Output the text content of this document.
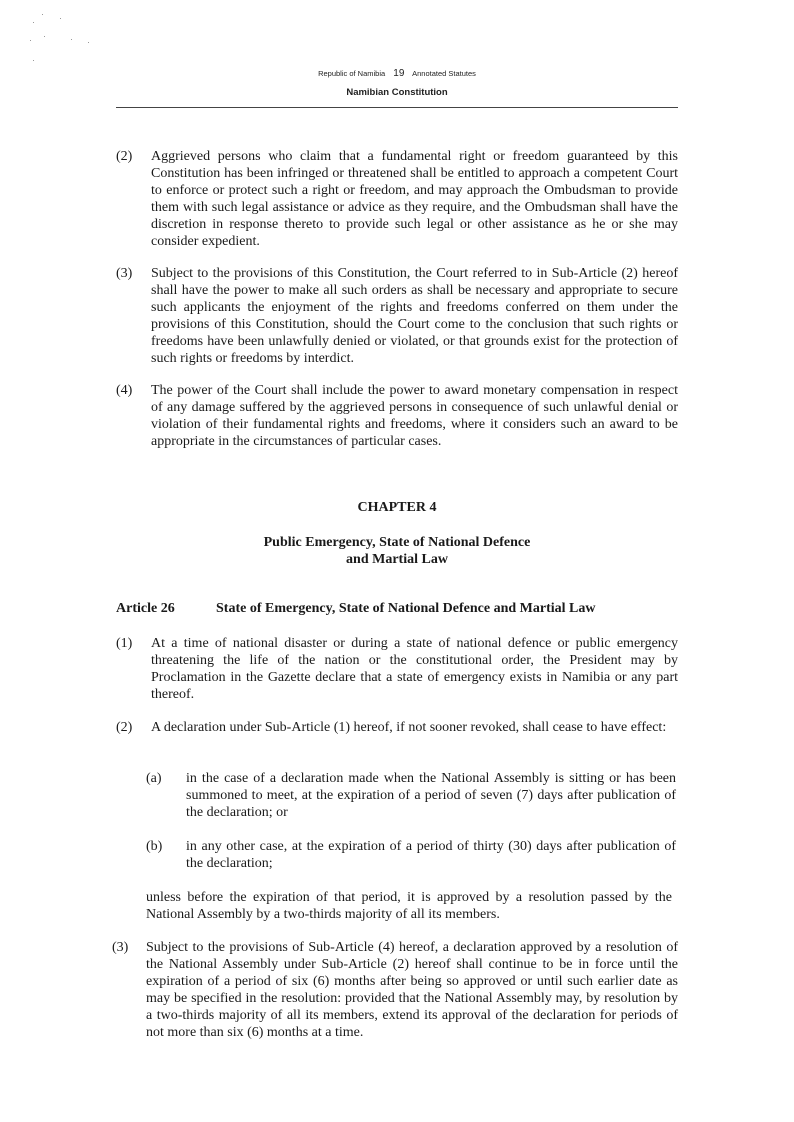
Republic of Namibia 19 Annotated Statutes
Namibian Constitution
(2) Aggrieved persons who claim that a fundamental right or freedom guaranteed by this Constitution has been infringed or threatened shall be entitled to approach a competent Court to enforce or protect such a right or freedom, and may approach the Ombudsman to provide them with such legal assistance or advice as they require, and the Ombudsman shall have the discretion in response thereto to provide such legal or other assistance as he or she may consider expedient.
(3) Subject to the provisions of this Constitution, the Court referred to in Sub-Article (2) hereof shall have the power to make all such orders as shall be necessary and appropriate to secure such applicants the enjoyment of the rights and freedoms conferred on them under the provisions of this Constitution, should the Court come to the conclusion that such rights or freedoms have been unlawfully denied or violated, or that grounds exist for the protection of such rights or freedoms by interdict.
(4) The power of the Court shall include the power to award monetary compensation in respect of any damage suffered by the aggrieved persons in consequence of such unlawful denial or violation of their fundamental rights and freedoms, where it considers such an award to be appropriate in the circumstances of particular cases.
CHAPTER 4
Public Emergency, State of National Defence
and Martial Law
Article 26	State of Emergency, State of National Defence and Martial Law
(1) At a time of national disaster or during a state of national defence or public emergency threatening the life of the nation or the constitutional order, the President may by Proclamation in the Gazette declare that a state of emergency exists in Namibia or any part thereof.
(2) A declaration under Sub-Article (1) hereof, if not sooner revoked, shall cease to have effect:
(a) in the case of a declaration made when the National Assembly is sitting or has been summoned to meet, at the expiration of a period of seven (7) days after publication of the declaration; or
(b) in any other case, at the expiration of a period of thirty (30) days after publication of the declaration;
unless before the expiration of that period, it is approved by a resolution passed by the National Assembly by a two-thirds majority of all its members.
(3) Subject to the provisions of Sub-Article (4) hereof, a declaration approved by a resolution of the National Assembly under Sub-Article (2) hereof shall continue to be in force until the expiration of a period of six (6) months after being so approved or until such earlier date as may be specified in the resolution: provided that the National Assembly may, by resolution by a two-thirds majority of all its members, extend its approval of the declaration for periods of not more than six (6) months at a time.
